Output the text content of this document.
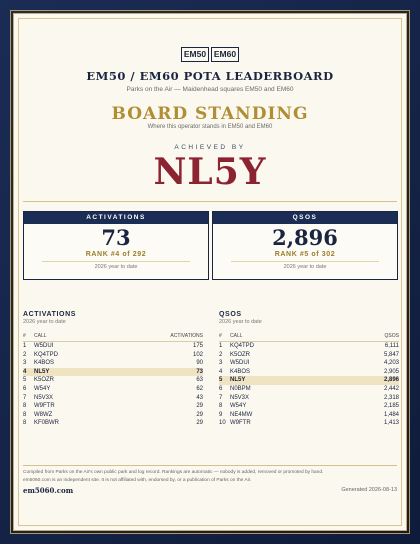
EM50 EM60
EM50 / EM60 POTA LEADERBOARD
Parks on the Air — Maidenhead squares EM50 and EM60
BOARD STANDING
Where this operator stands in EM50 and EM60
ACHIEVED BY
NL5Y
ACTIVATIONS
73
RANK #4 of 292
2026 year to date
QSOS
2,896
RANK #5 of 302
2026 year to date
ACTIVATIONS
2026 year to date
#	CALL	ACTIVATIONS
1	W5DUI	175
2	KQ4TPD	102
3	K4BOS	90
4	NL5Y	73
5	K5OZR	63
6	W54Y	62
7	N5V3X	43
8	W9FTR	29
8	W8WZ	29
8	KF0BWR	29
QSOS
2026 year to date
#	CALL	QSOS
1	KQ4TPD	6,111
2	K5OZR	5,847
3	W5DUI	4,203
4	K4BOS	2,905
5	NL5Y	2,896
6	N0BPM	2,442
7	N5V3X	2,318
8	W54Y	2,185
9	NE4MW	1,484
10 W9FTR	1,413
Compiled from Parks on the Air's own public park and log record. Rankings are automatic — nobody is added, removed or promoted by hand.
em5060.com is an independent site. It is not affiliated with, endorsed by, or a publication of Parks on the Air.
em5060.com	Generated 2026-08-13
